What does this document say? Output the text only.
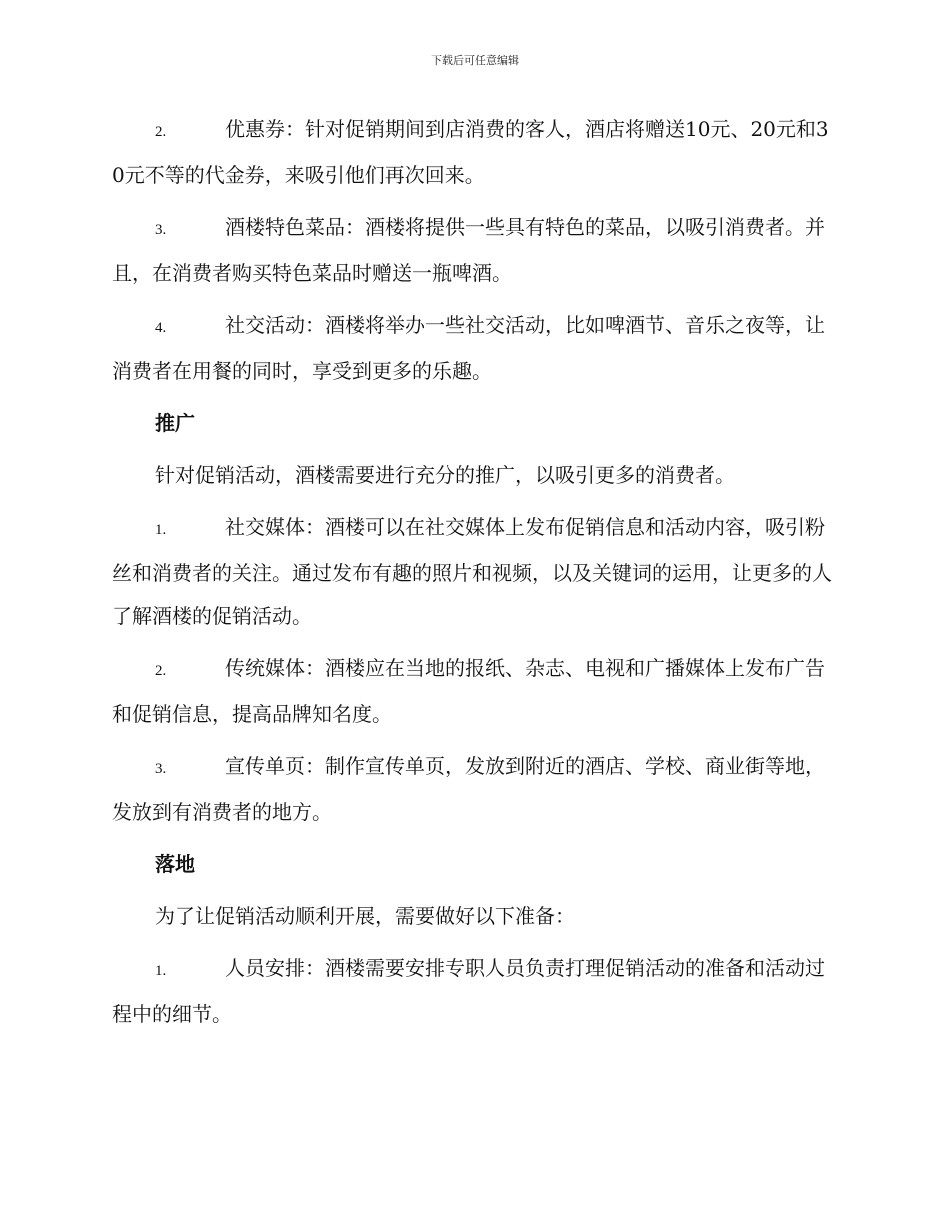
下载后可任意编辑

2.	优惠券：针对促销期间到店消费的客人，酒店将赠送10元、20元和30元不等的代金券，来吸引他们再次回来。

3.	酒楼特色菜品：酒楼将提供一些具有特色的菜品，以吸引消费者。并且，在消费者购买特色菜品时赠送一瓶啤酒。

4.	社交活动：酒楼将举办一些社交活动，比如啤酒节、音乐之夜等，让消费者在用餐的同时，享受到更多的乐趣。

推广

针对促销活动，酒楼需要进行充分的推广，以吸引更多的消费者。

1.	社交媒体：酒楼可以在社交媒体上发布促销信息和活动内容，吸引粉丝和消费者的关注。通过发布有趣的照片和视频，以及关键词的运用，让更多的人了解酒楼的促销活动。

2.	传统媒体：酒楼应在当地的报纸、杂志、电视和广播媒体上发布广告和促销信息，提高品牌知名度。

3.	宣传单页：制作宣传单页，发放到附近的酒店、学校、商业街等地，发放到有消费者的地方。

落地

为了让促销活动顺利开展，需要做好以下准备：

1.	人员安排：酒楼需要安排专职人员负责打理促销活动的准备和活动过程中的细节。
